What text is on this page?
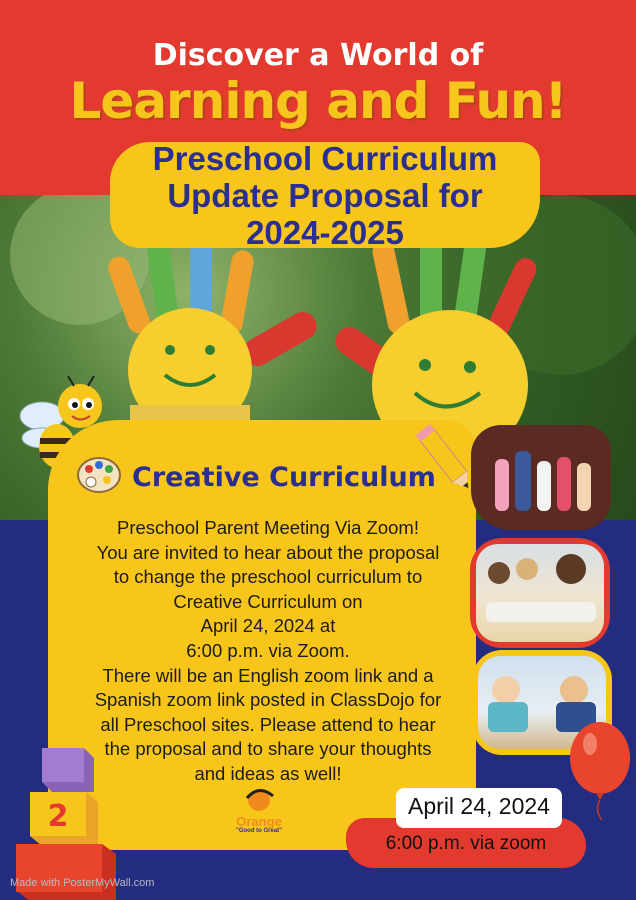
Discover a World of
Learning and Fun!
Preschool Curriculum
Update Proposal for
2024-2025
Creative Curriculum

Preschool Parent Meeting Via Zoom!

You are invited to hear about the proposal

to change the preschool curriculum to

Creative Curriculum on

April 24, 2024 at

6:00 p.m. via Zoom.

There will be an English zoom link and a

Spanish zoom link posted in ClassDojo for

all Preschool sites. Please attend to hear

the proposal and to share your thoughts

and ideas as well!

Orange
"Good to Great"
2	April 24, 2024
6:00 p.m. via zoom
Made with PosterMyWall.com
